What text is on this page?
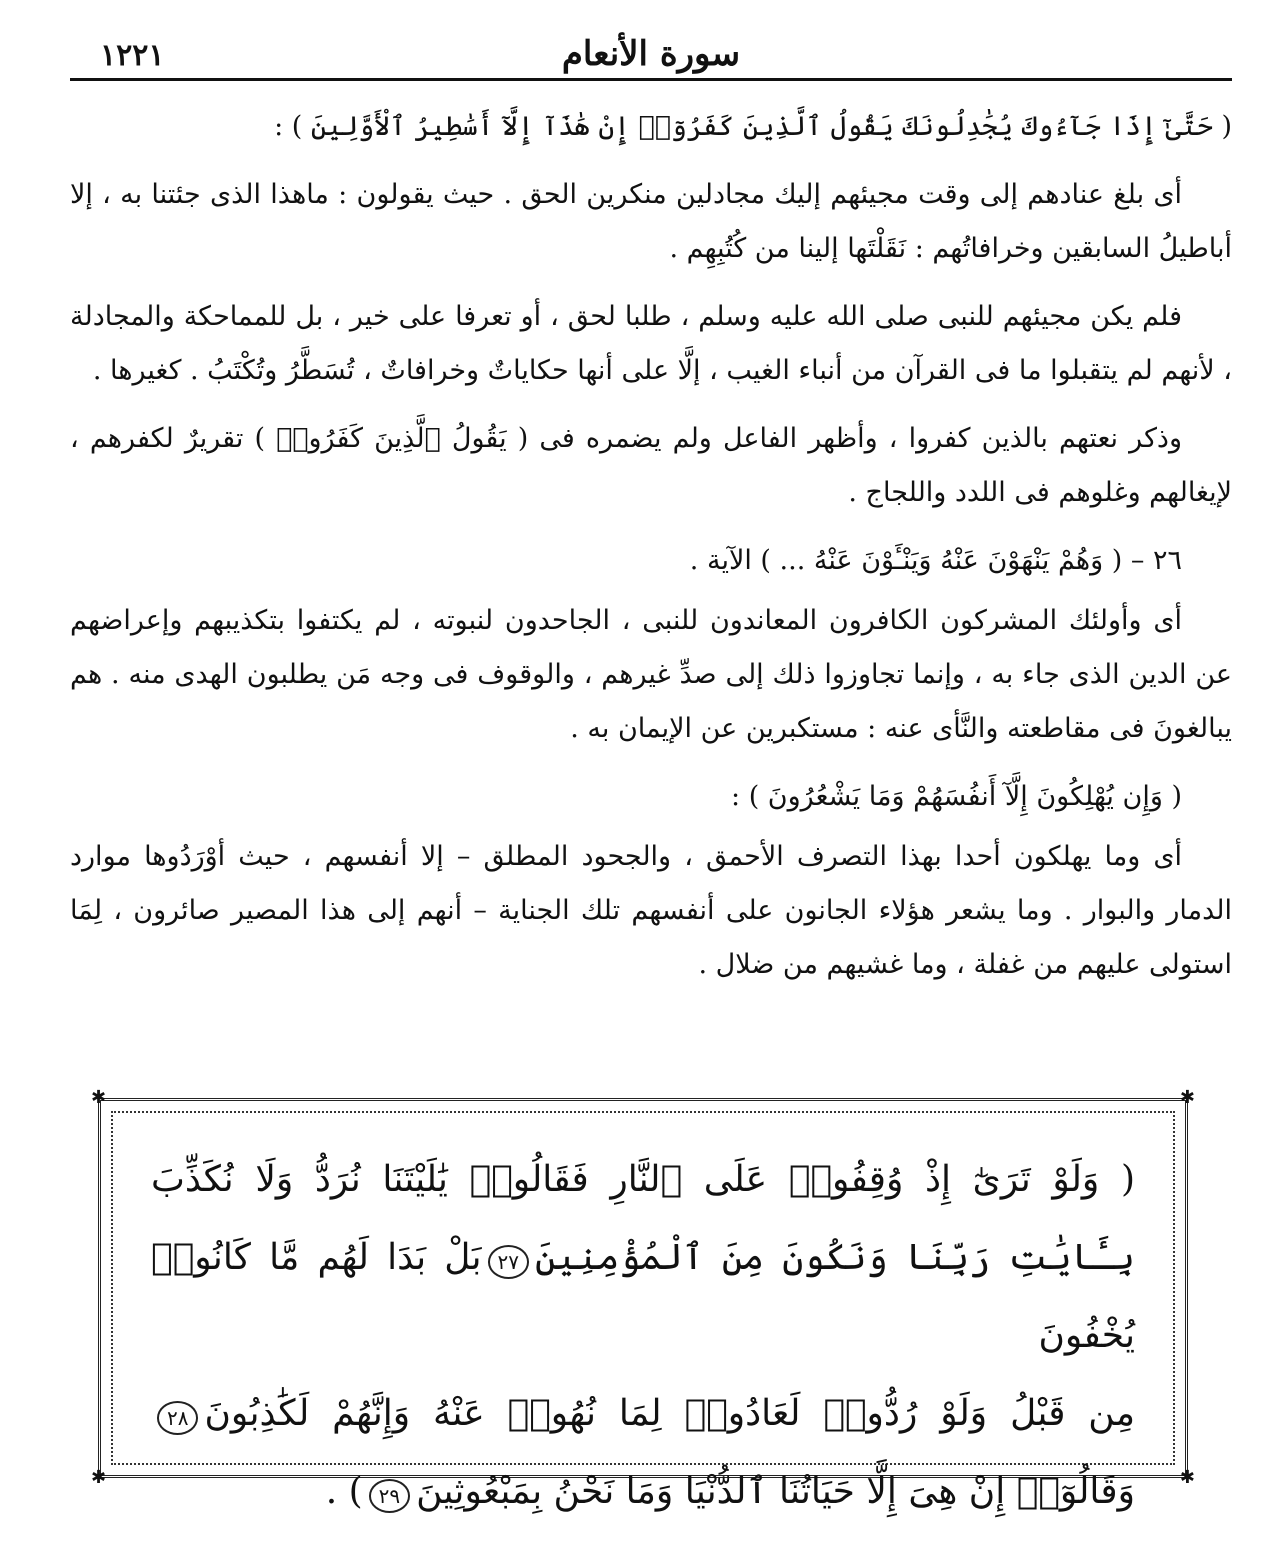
١٢٢١	سورة الأنعام

( حَتَّىٰٓ إِذَا جَآءُوكَ يُجَٰدِلُونَكَ يَقُولُ ٱلَّذِينَ كَفَرُوٓا۟ إِنْ هَٰذَآ إِلَّآ أَسَٰطِيرُ ٱلْأَوَّلِينَ ) :

أى بلغ عنادهم إلى وقت مجيئهم إليك مجادلين منكرين الحق . حيث يقولون : ماهذا الذى جئتنا به ، إلا أباطيلُ السابقين وخرافاتُهم : نَقَلْتَها إلينا من كُتُبِهِم .

فلم يكن مجيئهم للنبى صلى الله عليه وسلم ، طلبا لحق ، أو تعرفا على خير ، بل للمماحكة والمجادلة ، لأنهم لم يتقبلوا ما فى القرآن من أنباء الغيب ، إلَّا على أنها حكاياتٌ وخرافاتٌ ، تُسَطَّرُ وتُكْتَبُ . كغيرها .

وذكر نعتهم بالذين كفروا ، وأظهر الفاعل ولم يضمره فى ( يَقُولُ ٱلَّذِينَ كَفَرُوا۟ ) تقريرٌ لكفرهم ، لإيغالهم وغلوهم فى اللدد واللجاج .

٢٦ – ( وَهُمْ يَنْهَوْنَ عَنْهُ وَيَنْـَٔوْنَ عَنْهُ ... ) الآية .

أى وأولئك المشركون الكافرون المعاندون للنبى ، الجاحدون لنبوته ، لم يكتفوا بتكذيبهم وإعراضهم عن الدين الذى جاء به ، وإنما تجاوزوا ذلك إلى صدِّ غيرهم ، والوقوف فى وجه مَن يطلبون الهدى منه . هم يبالغونَ فى مقاطعته والنَّأى عنه : مستكبرين عن الإيمان به .

( وَإِن يُهْلِكُونَ إِلَّآ أَنفُسَهُمْ وَمَا يَشْعُرُونَ ) :

أى وما يهلكون أحدا بهذا التصرف الأحمق ، والجحود المطلق – إلا أنفسهم ، حيث أوْرَدُوها موارد الدمار والبوار . وما يشعر هؤلاء الجانون على أنفسهم تلك الجناية – أنهم إلى هذا المصير صائرون ، لِمَا استولى عليهم من غفلة ، وما غشيهم من ضلال .

✱	✱
✱	✱
( وَلَوْ تَرَىٰٓ إِذْ وُقِفُوا۟ عَلَى ٱلنَّارِ فَقَالُوا۟ يَٰلَيْتَنَا نُرَدُّ وَلَا نُكَذِّبَ
بِـَٔايَٰتِ رَبِّنَا وَنَكُونَ مِنَ ٱلْمُؤْمِنِينَ٢٧بَلْ بَدَا لَهُم مَّا كَانُوا۟ يُخْفُونَ
مِن قَبْلُ وَلَوْ رُدُّوا۟ لَعَادُوا۟ لِمَا نُهُوا۟ عَنْهُ وَإِنَّهُمْ لَكَٰذِبُونَ٢٨
وَقَالُوٓا۟ إِنْ هِىَ إِلَّا حَيَاتُنَا ٱلدُّنْيَا وَمَا نَحْنُ بِمَبْعُوثِينَ٢٩) .
